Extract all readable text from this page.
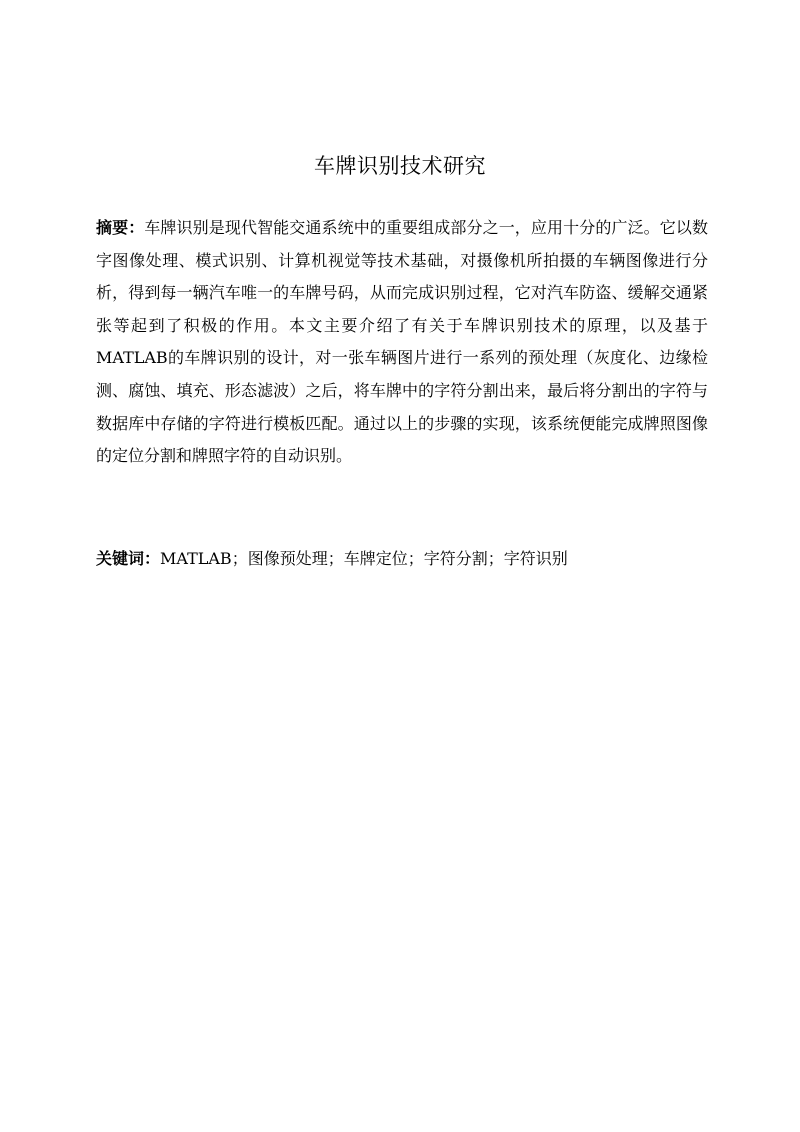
车牌识别技术研究

摘要：车牌识别是现代智能交通系统中的重要组成部分之一，应用十分的广泛。它以数字图像处理、模式识别、计算机视觉等技术基础，对摄像机所拍摄的车辆图像进行分析，得到每一辆汽车唯一的车牌号码，从而完成识别过程，它对汽车防盗、缓解交通紧张等起到了积极的作用。本文主要介绍了有关于车牌识别技术的原理，以及基于MATLAB的车牌识别的设计，对一张车辆图片进行一系列的预处理（灰度化、边缘检测、腐蚀、填充、形态滤波）之后，将车牌中的字符分割出来，最后将分割出的字符与数据库中存储的字符进行模板匹配。通过以上的步骤的实现，该系统便能完成牌照图像的定位分割和牌照字符的自动识别。

关键词：MATLAB；图像预处理；车牌定位；字符分割；字符识别
